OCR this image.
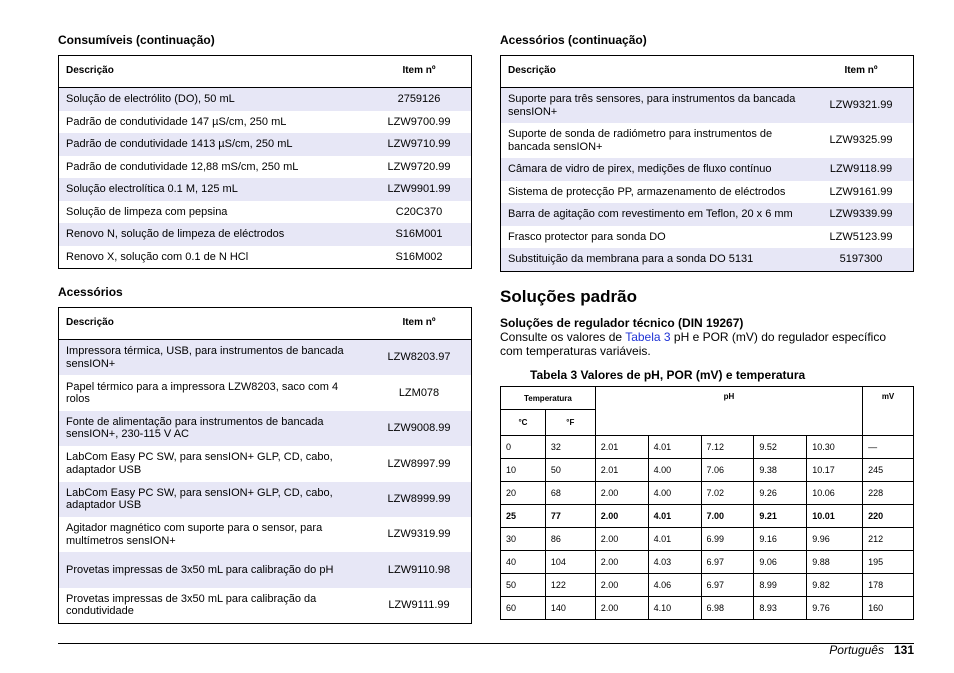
Consumíveis (continuação)
Descrição	Item nº
Solução de electrólito (DO), 50 mL	2759126
Padrão de condutividade 147 µS/cm, 250 mL	LZW9700.99
Padrão de condutividade 1413 µS/cm, 250 mL	LZW9710.99
Padrão de condutividade 12,88 mS/cm, 250 mL	LZW9720.99
Solução electrolítica 0.1 M, 125 mL	LZW9901.99
Solução de limpeza com pepsina	C20C370
Renovo N, solução de limpeza de eléctrodos	S16M001
Renovo X, solução com 0.1 de N HCl	S16M002
Acessórios
Descrição	Item nº
Impressora térmica, USB, para instrumentos de bancada sensION+	LZW8203.97
Papel térmico para a impressora LZW8203, saco com 4 rolos	LZM078
Fonte de alimentação para instrumentos de bancada sensION+, 230-115 V AC	LZW9008.99
LabCom Easy PC SW, para sensION+ GLP, CD, cabo, adaptador USB	LZW8997.99
LabCom Easy PC SW, para sensION+ GLP, CD, cabo, adaptador USB	LZW8999.99
Agitador magnético com suporte para o sensor, para multímetros sensION+	LZW9319.99
Provetas impressas de 3x50 mL para calibração do pH	LZW9110.98
Provetas impressas de 3x50 mL para calibração da condutividade	LZW9111.99
Acessórios (continuação)
Descrição	Item nº
Suporte para três sensores, para instrumentos da bancada sensION+	LZW9321.99
Suporte de sonda de radiómetro para instrumentos de bancada sensION+	LZW9325.99
Câmara de vidro de pirex, medições de fluxo contínuo	LZW9118.99
Sistema de protecção PP, armazenamento de eléctrodos	LZW9161.99
Barra de agitação com revestimento em Teflon, 20 x 6 mm	LZW9339.99
Frasco protector para sonda DO	LZW5123.99
Substituição da membrana para a sonda DO 5131	5197300
Soluções padrão
Soluções de regulador técnico (DIN 19267)
Consulte os valores de Tabela 3 pH e POR (mV) do regulador específico com temperaturas variáveis.
Tabela 3 Valores de pH, POR (mV) e temperatura
Temperatura		pH					mV
°C	°F						
0	32	2.01	4.01	7.12	9.52	10.30	—
10	50	2.01	4.00	7.06	9.38	10.17	245
20	68	2.00	4.00	7.02	9.26	10.06	228
25	77	2.00	4.01	7.00	9.21	10.01	220
30	86	2.00	4.01	6.99	9.16	9.96	212
40	104	2.00	4.03	6.97	9.06	9.88	195
50	122	2.00	4.06	6.97	8.99	9.82	178
60	140	2.00	4.10	6.98	8.93	9.76	160
Português 131
